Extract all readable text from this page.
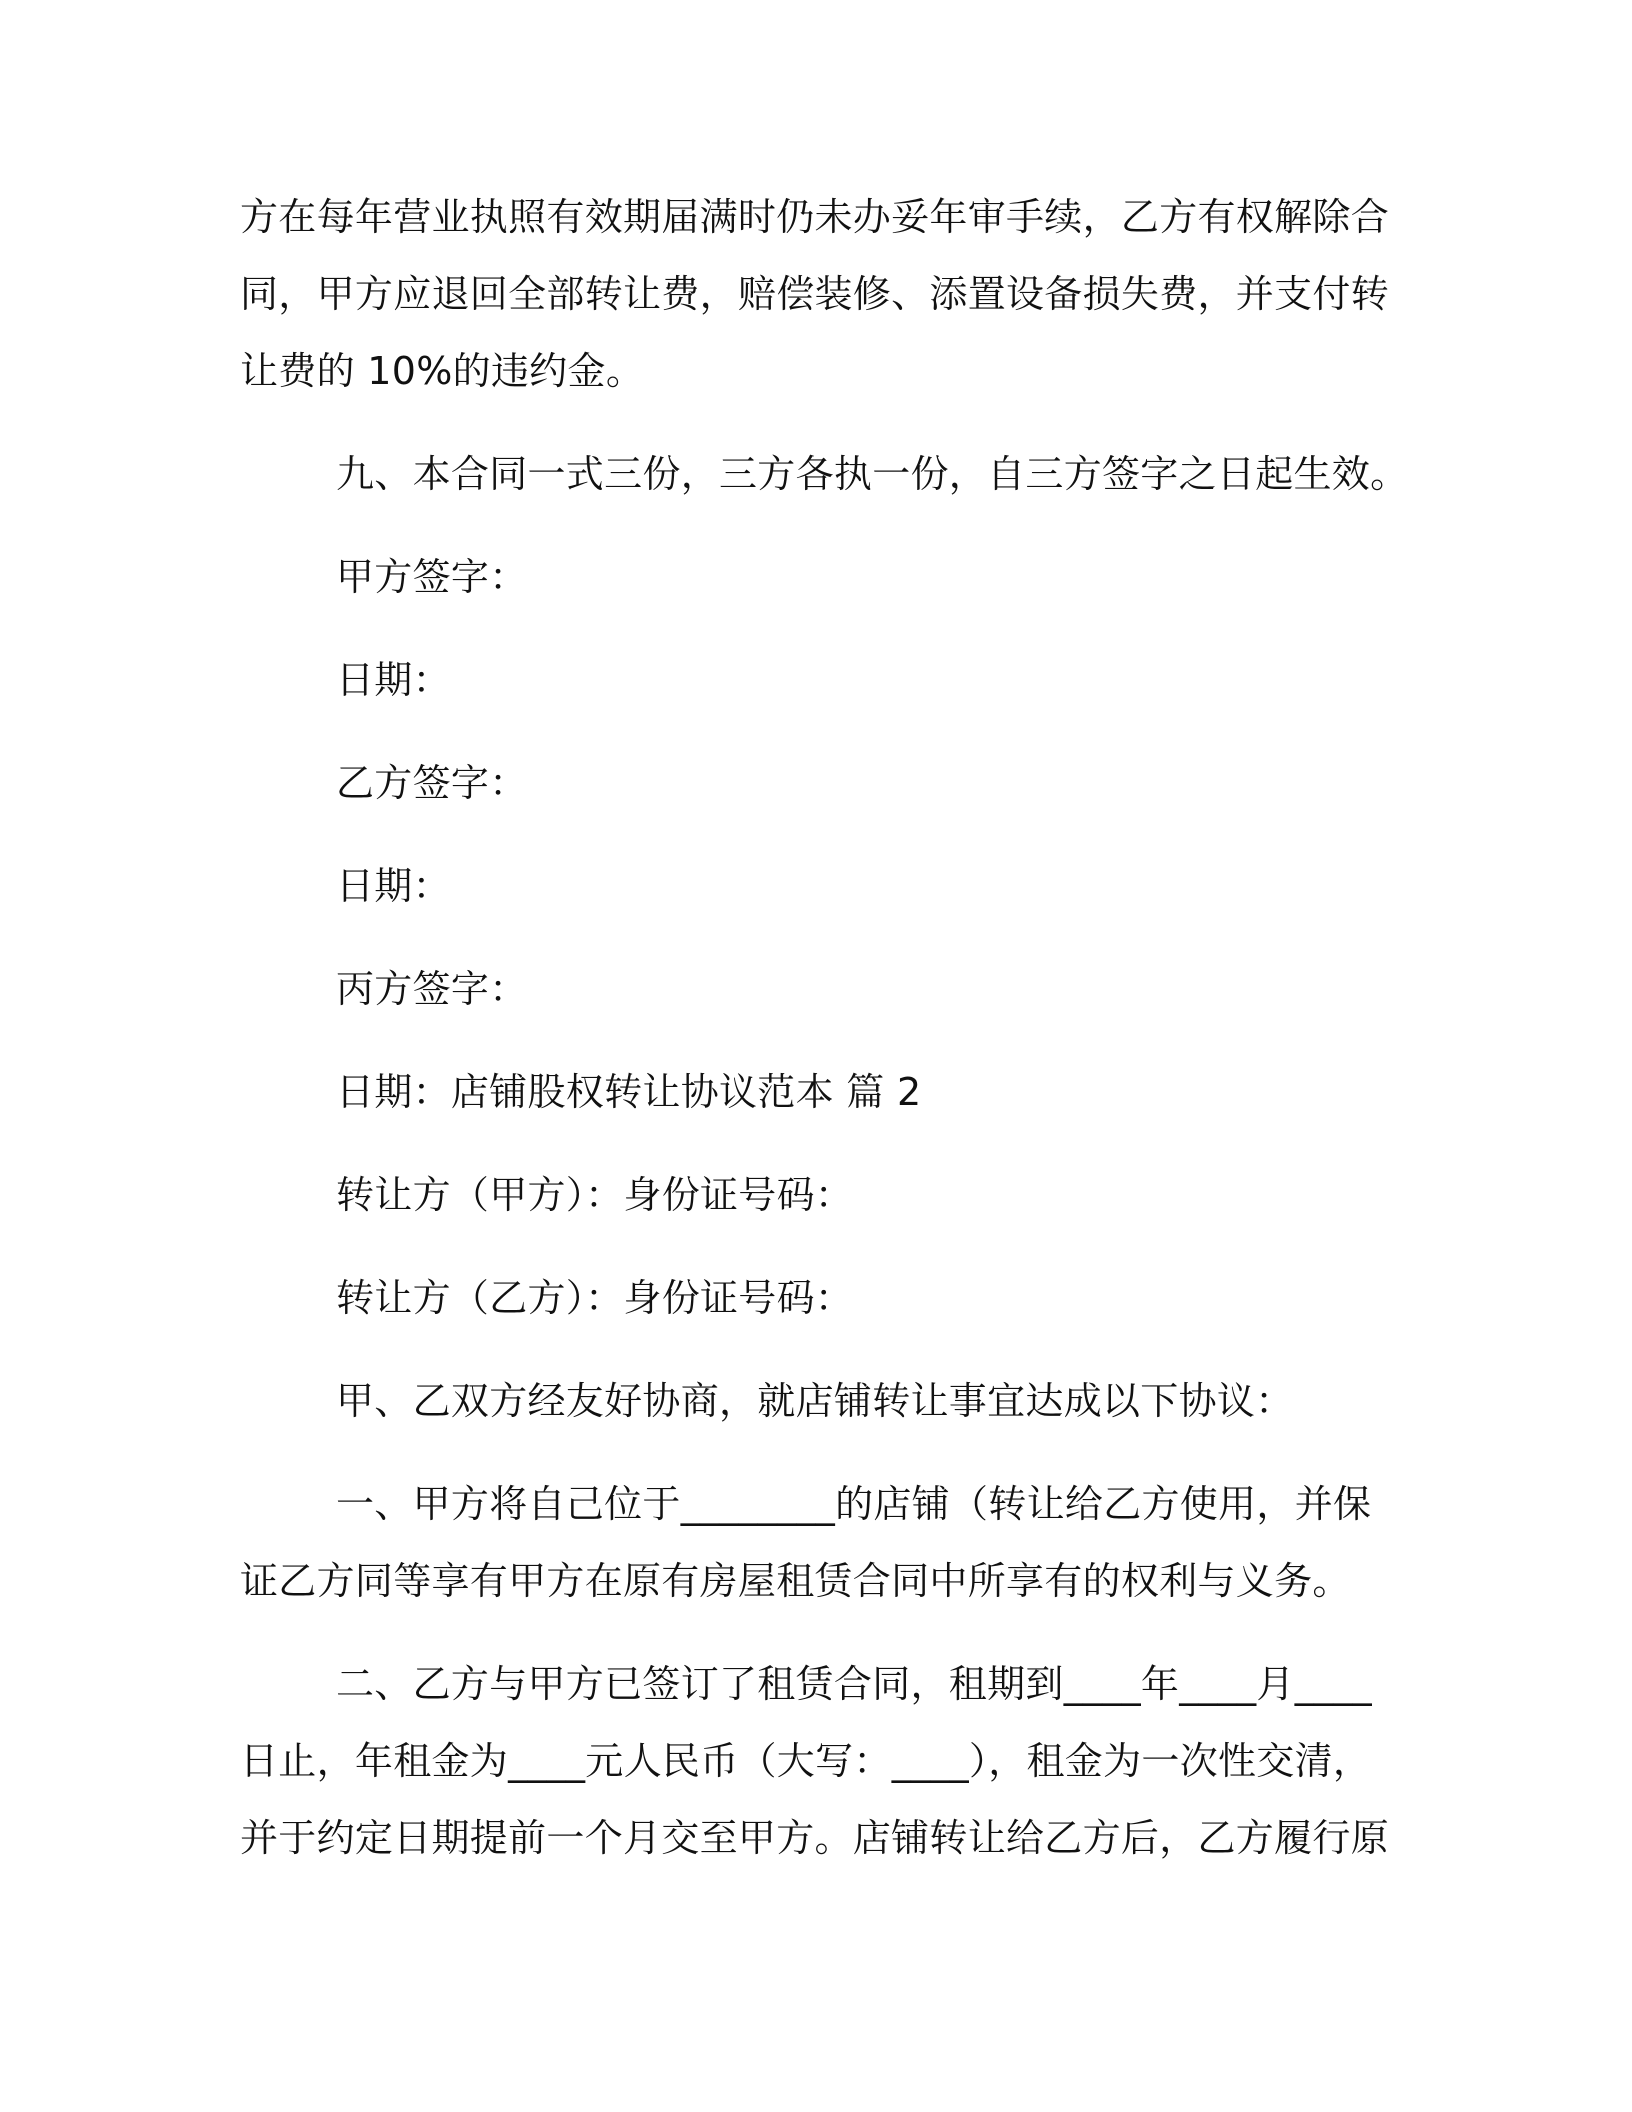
方在每年营业执照有效期届满时仍未办妥年审手续，乙方有权解除合
同，甲方应退回全部转让费，赔偿装修、添置设备损失费，并支付转
让费的 10%的违约金。
九、本合同一式三份，三方各执一份，自三方签字之日起生效。
甲方签字：
日期：
乙方签字：
日期：
丙方签字：
日期：店铺股权转让协议范本 篇 2
转让方（甲方）：身份证号码：
转让方（乙方）：身份证号码：
甲、乙双方经友好协商，就店铺转让事宜达成以下协议：
一、甲方将自己位于________的店铺（转让给乙方使用，并保
证乙方同等享有甲方在原有房屋租赁合同中所享有的权利与义务。
二、乙方与甲方已签订了租赁合同，租期到____年____月____
日止，年租金为____元人民币（大写：____），租金为一次性交清，
并于约定日期提前一个月交至甲方。店铺转让给乙方后，乙方履行原
